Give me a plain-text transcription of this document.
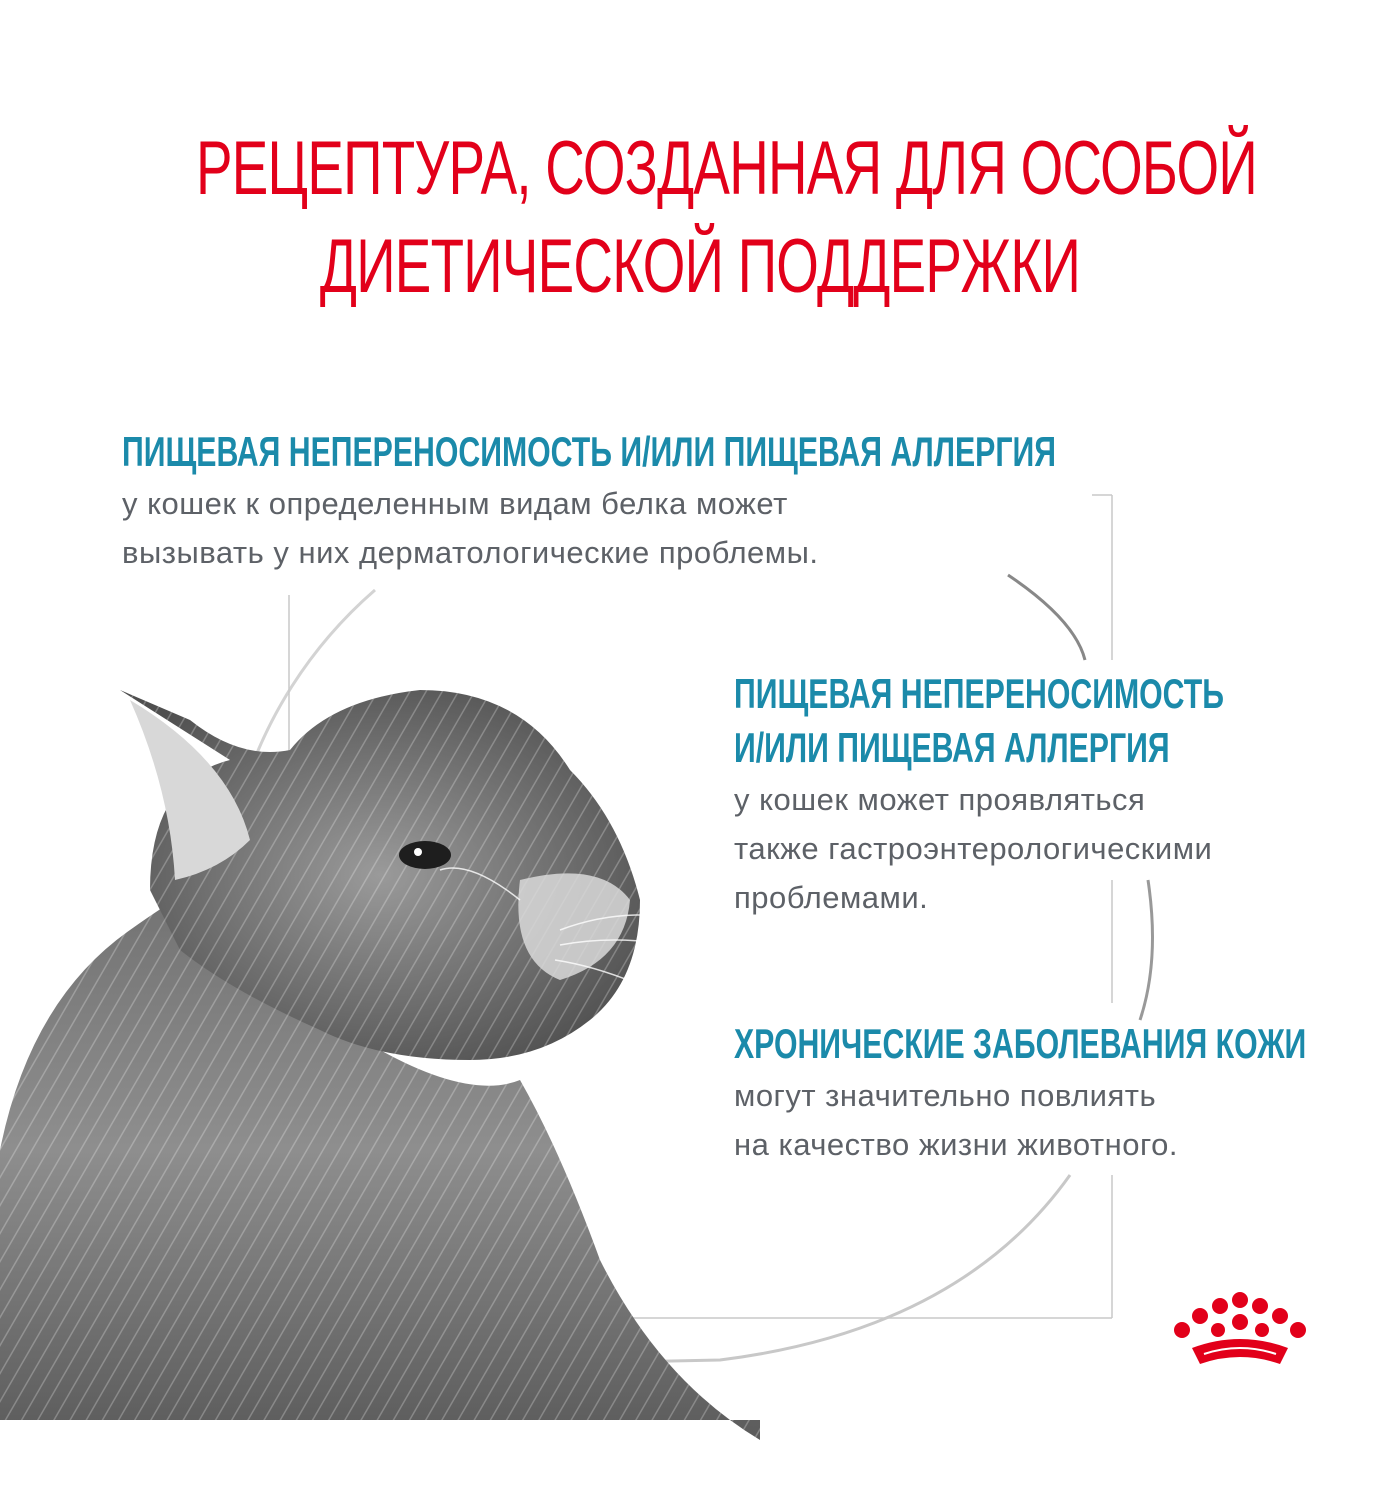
РЕЦЕПТУРА, СОЗДАННАЯ ДЛЯ ОСОБОЙ
ДИЕТИЧЕСКОЙ ПОДДЕРЖКИ
ПИЩЕВАЯ НЕПЕРЕНОСИМОСТЬ И/ИЛИ ПИЩЕВАЯ АЛЛЕРГИЯ
у кошек к определенным видам белка может
вызывать у них дерматологические проблемы.
ПИЩЕВАЯ НЕПЕРЕНОСИМОСТЬ
И/ИЛИ ПИЩЕВАЯ АЛЛЕРГИЯ
у кошек может проявляться
также гастроэнтерологическими
проблемами.
ХРОНИЧЕСКИЕ ЗАБОЛЕВАНИЯ КОЖИ
могут значительно повлиять
на качество жизни животного.
